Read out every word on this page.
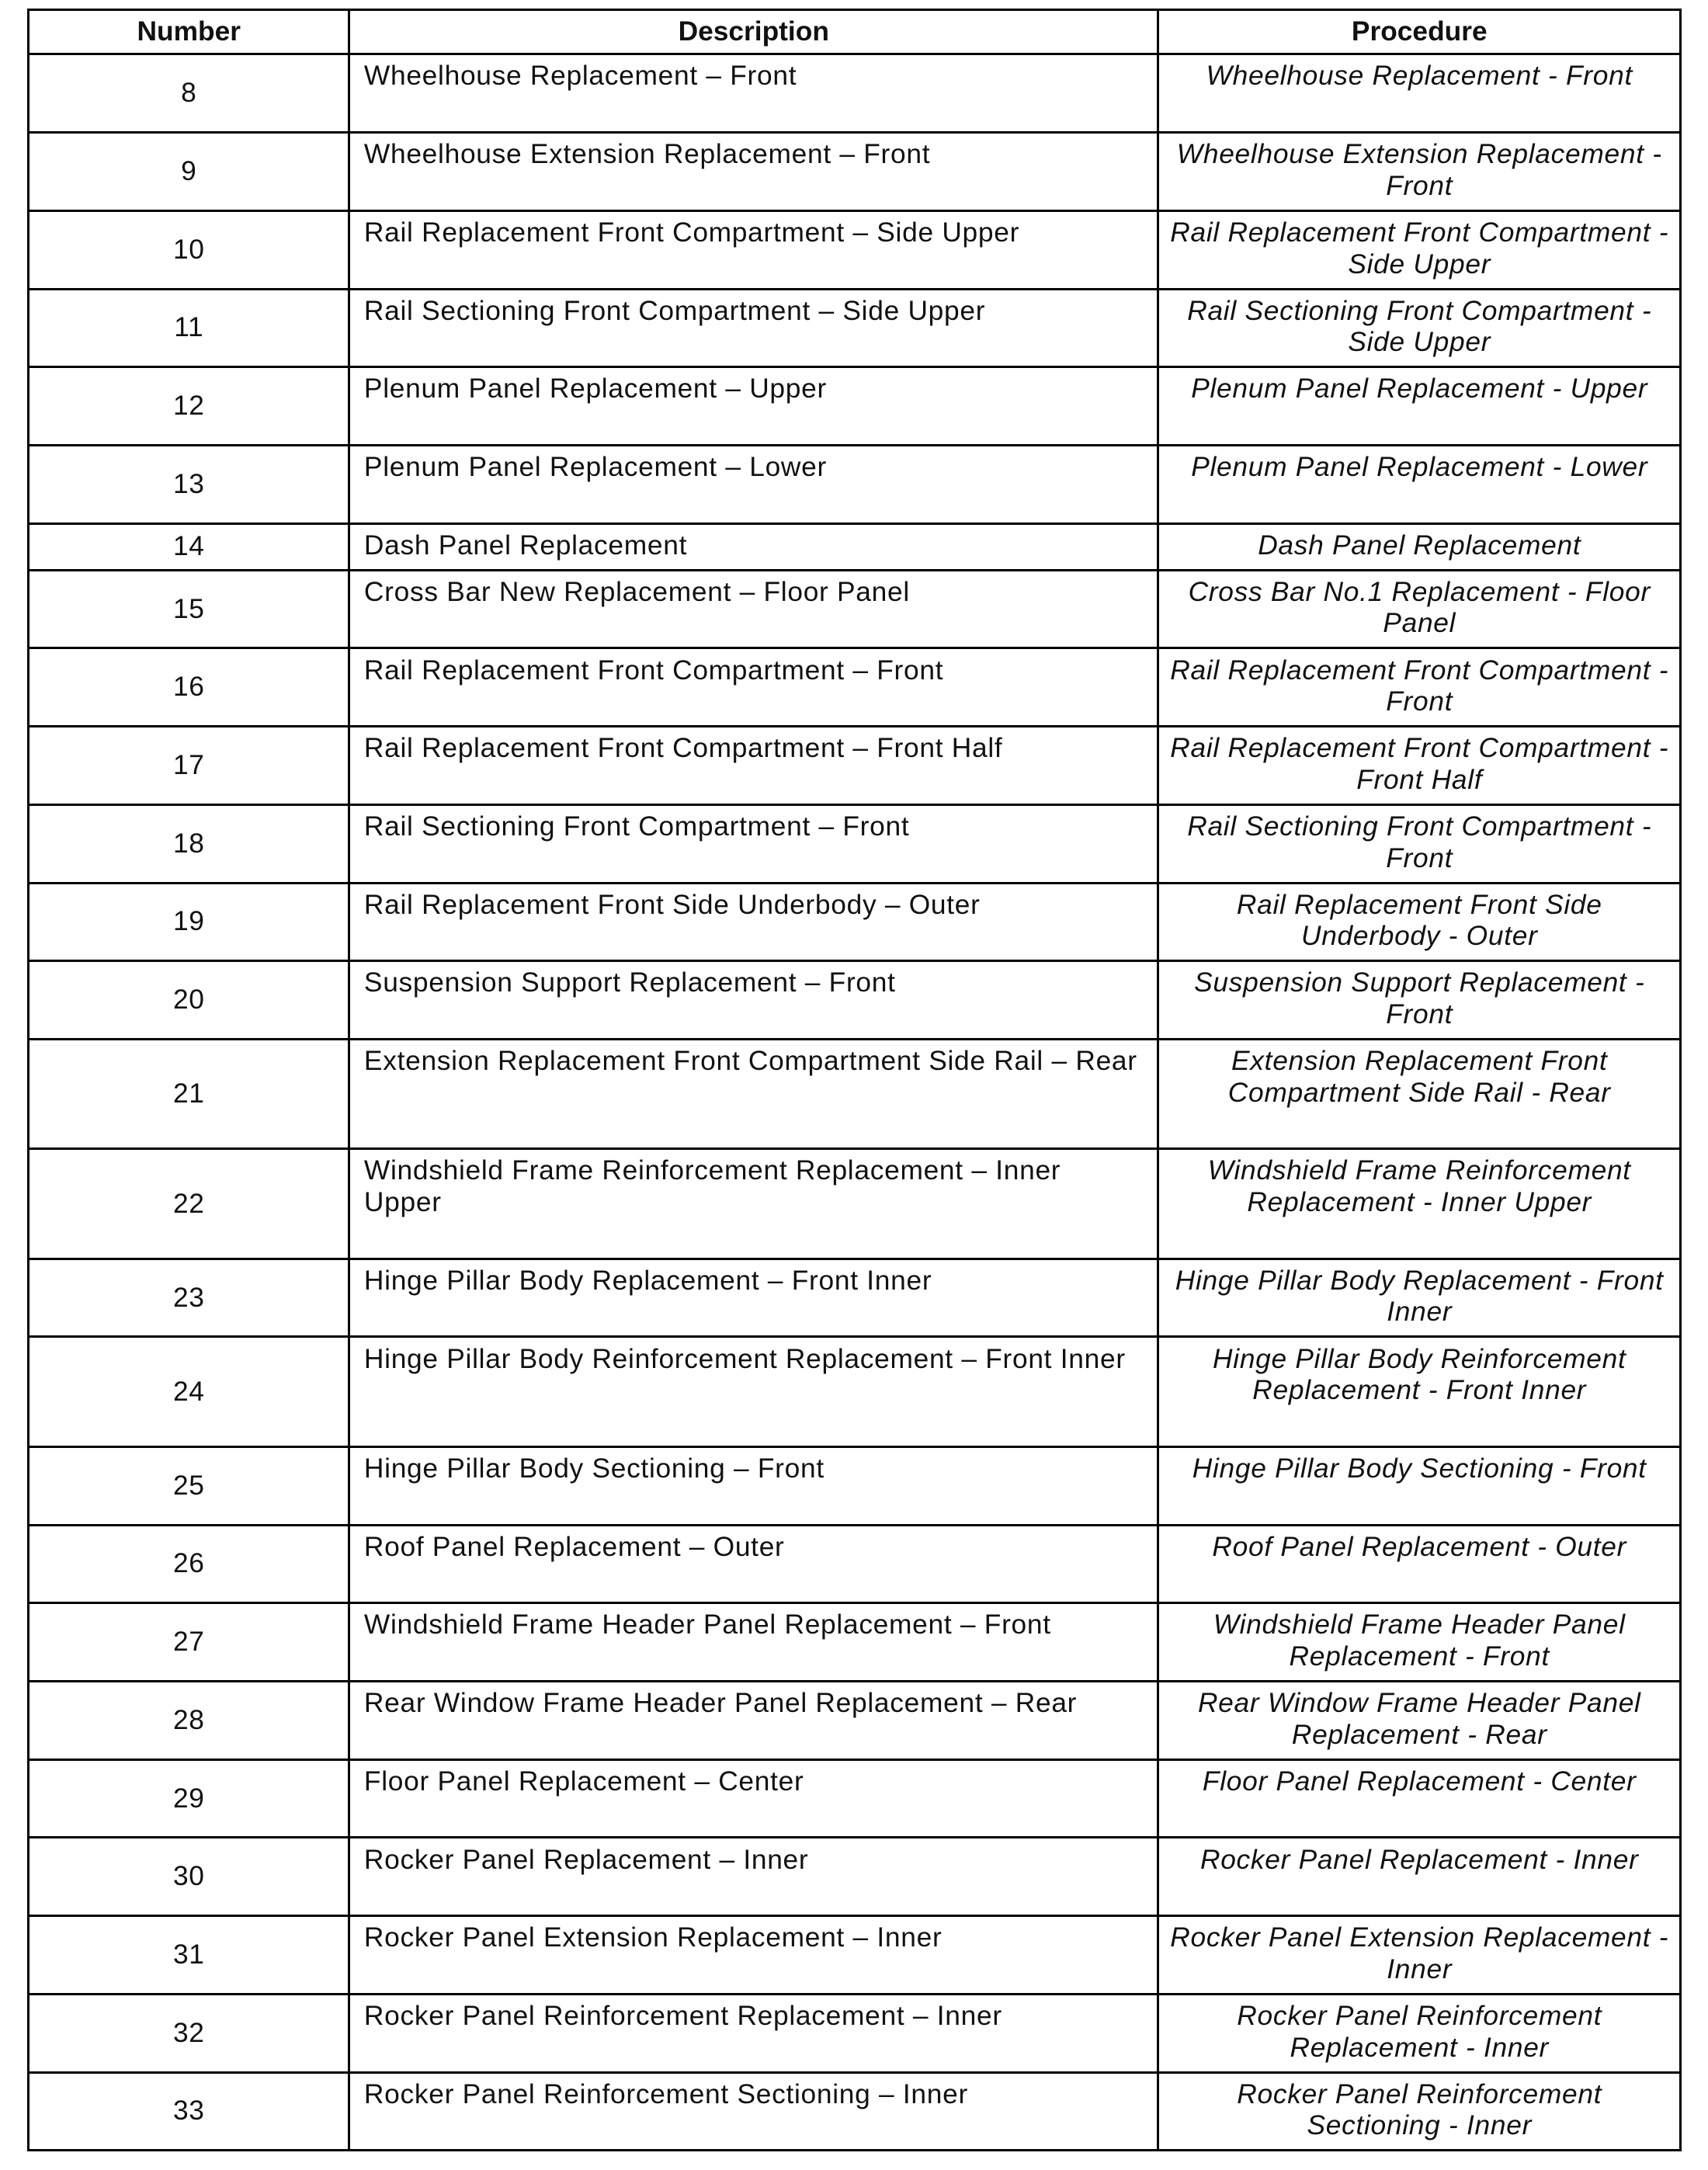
Number	Description	Procedure
8	Wheelhouse Replacement – Front	Wheelhouse Replacement - Front
9	Wheelhouse Extension Replacement – Front	Wheelhouse Extension Replacement - Front
10	Rail Replacement Front Compartment – Side Upper	Rail Replacement Front Compartment - Side Upper
11	Rail Sectioning Front Compartment – Side Upper	Rail Sectioning Front Compartment - Side Upper
12	Plenum Panel Replacement – Upper	Plenum Panel Replacement - Upper
13	Plenum Panel Replacement – Lower	Plenum Panel Replacement - Lower
14	Dash Panel Replacement	Dash Panel Replacement
15	Cross Bar New Replacement – Floor Panel	Cross Bar No.1 Replacement - Floor Panel
16	Rail Replacement Front Compartment – Front	Rail Replacement Front Compartment - Front
17	Rail Replacement Front Compartment – Front Half	Rail Replacement Front Compartment - Front Half
18	Rail Sectioning Front Compartment – Front	Rail Sectioning Front Compartment - Front
19	Rail Replacement Front Side Underbody – Outer	Rail Replacement Front Side Underbody - Outer
20	Suspension Support Replacement – Front	Suspension Support Replacement - Front
21	Extension Replacement Front Compartment Side Rail – Rear	Extension Replacement Front Compartment Side Rail - Rear
22	Windshield Frame Reinforcement Replacement – Inner Upper	Windshield Frame Reinforcement Replacement - Inner Upper
23	Hinge Pillar Body Replacement – Front Inner	Hinge Pillar Body Replacement - Front Inner
24	Hinge Pillar Body Reinforcement Replacement – Front Inner	Hinge Pillar Body Reinforcement Replacement - Front Inner
25	Hinge Pillar Body Sectioning – Front	Hinge Pillar Body Sectioning - Front
26	Roof Panel Replacement – Outer	Roof Panel Replacement - Outer
27	Windshield Frame Header Panel Replacement – Front	Windshield Frame Header Panel Replacement - Front
28	Rear Window Frame Header Panel Replacement – Rear	Rear Window Frame Header Panel Replacement - Rear
29	Floor Panel Replacement – Center	Floor Panel Replacement - Center
30	Rocker Panel Replacement – Inner	Rocker Panel Replacement - Inner
31	Rocker Panel Extension Replacement – Inner	Rocker Panel Extension Replacement - Inner
32	Rocker Panel Reinforcement Replacement – Inner	Rocker Panel Reinforcement Replacement - Inner
33	Rocker Panel Reinforcement Sectioning – Inner	Rocker Panel Reinforcement Sectioning - Inner
